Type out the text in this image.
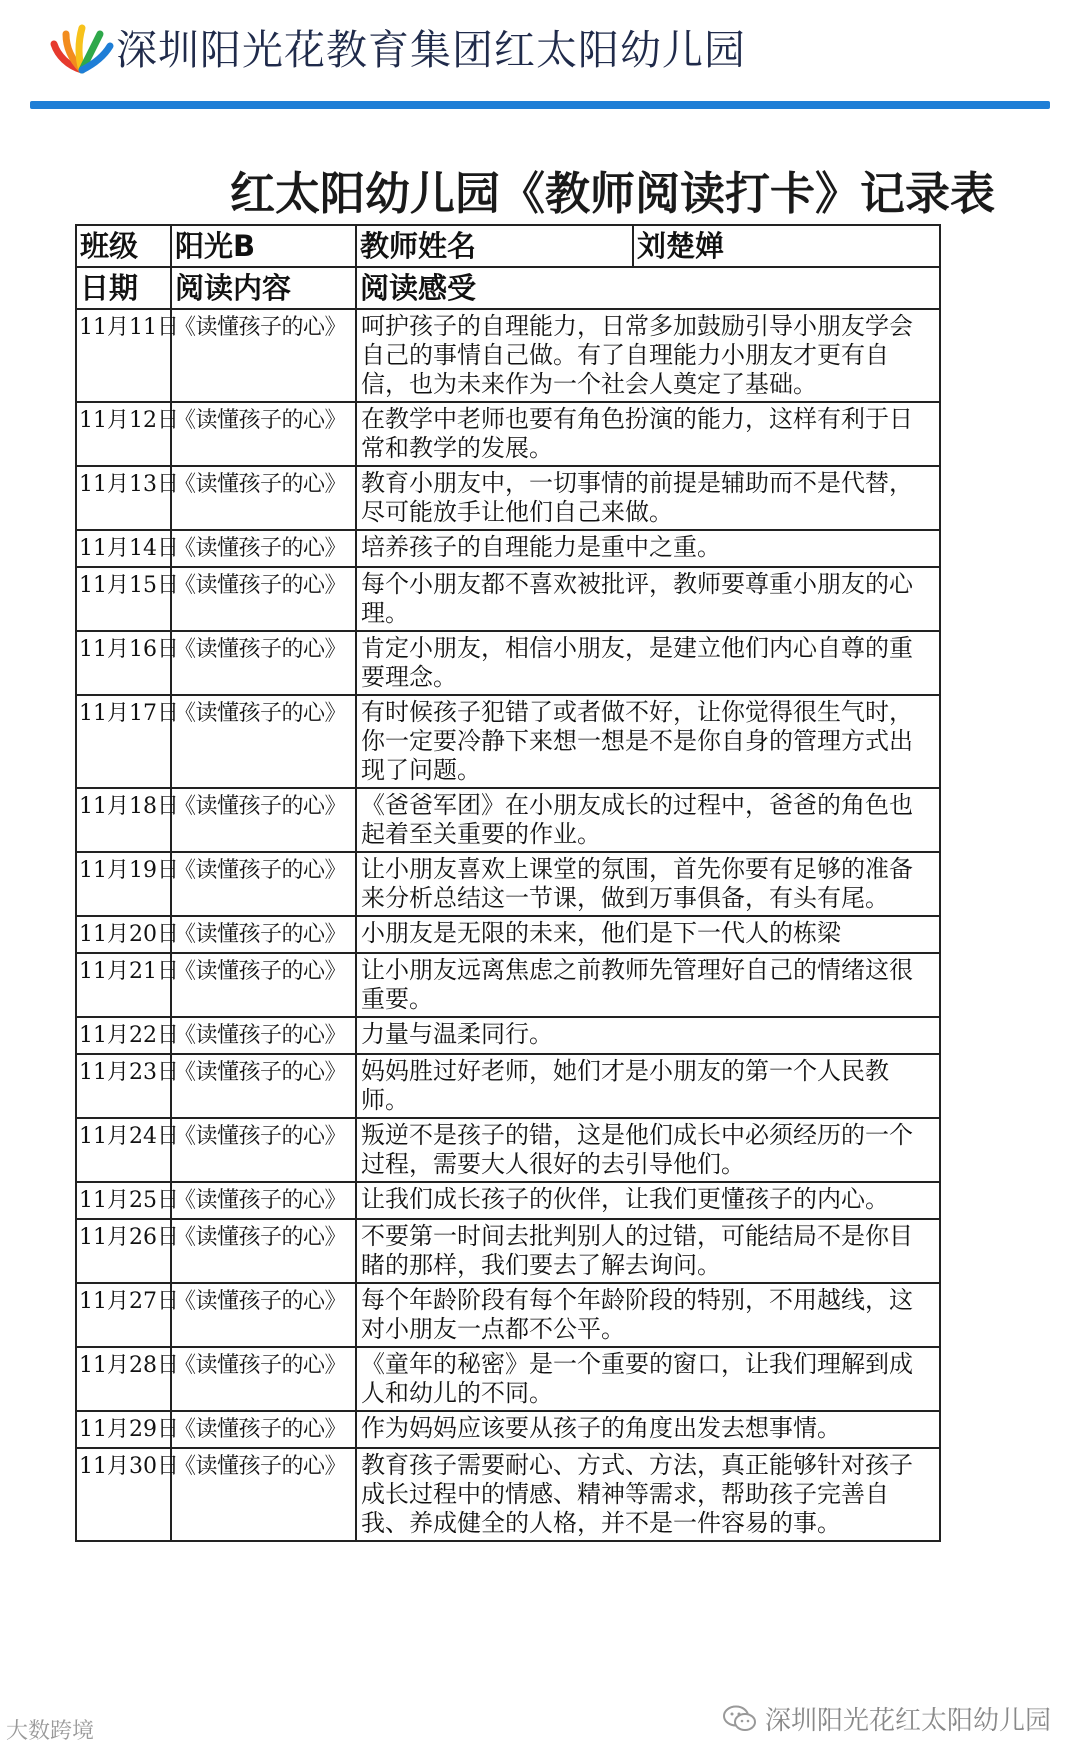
深圳阳光花教育集团红太阳幼儿园
红太阳幼儿园《教师阅读打卡》记录表
班级	阳光B	教师姓名	刘楚婵
日期	阅读内容	阅读感受	
11月11日	《读懂孩子的心》	呵护孩子的自理能力，日常多加鼓励引导小朋友学会自己的事情自己做。有了自理能力小朋友才更有自信，也为未来作为一个社会人奠定了基础。	
11月12日	《读懂孩子的心》	在教学中老师也要有角色扮演的能力，这样有利于日常和教学的发展。	
11月13日	《读懂孩子的心》	教育小朋友中，一切事情的前提是辅助而不是代替，尽可能放手让他们自己来做。	
11月14日	《读懂孩子的心》	培养孩子的自理能力是重中之重。	
11月15日	《读懂孩子的心》	每个小朋友都不喜欢被批评，教师要尊重小朋友的心理。	
11月16日	《读懂孩子的心》	肯定小朋友，相信小朋友，是建立他们内心自尊的重要理念。	
11月17日	《读懂孩子的心》	有时候孩子犯错了或者做不好，让你觉得很生气时，你一定要冷静下来想一想是不是你自身的管理方式出现了问题。	
11月18日	《读懂孩子的心》	《爸爸军团》在小朋友成长的过程中，爸爸的角色也起着至关重要的作业。	
11月19日	《读懂孩子的心》	让小朋友喜欢上课堂的氛围，首先你要有足够的准备来分析总结这一节课，做到万事俱备，有头有尾。	
11月20日	《读懂孩子的心》	小朋友是无限的未来，他们是下一代人的栋梁	
11月21日	《读懂孩子的心》	让小朋友远离焦虑之前教师先管理好自己的情绪这很重要。	
11月22日	《读懂孩子的心》	力量与温柔同行。	
11月23日	《读懂孩子的心》	妈妈胜过好老师，她们才是小朋友的第一个人民教师。	
11月24日	《读懂孩子的心》	叛逆不是孩子的错，这是他们成长中必须经历的一个过程，需要大人很好的去引导他们。	
11月25日	《读懂孩子的心》	让我们成长孩子的伙伴，让我们更懂孩子的内心。	
11月26日	《读懂孩子的心》	不要第一时间去批判别人的过错，可能结局不是你目睹的那样，我们要去了解去询问。	
11月27日	《读懂孩子的心》	每个年龄阶段有每个年龄阶段的特别，不用越线，这对小朋友一点都不公平。	
11月28日	《读懂孩子的心》	《童年的秘密》是一个重要的窗口，让我们理解到成人和幼儿的不同。	
11月29日	《读懂孩子的心》	作为妈妈应该要从孩子的角度出发去想事情。	
11月30日	《读懂孩子的心》	教育孩子需要耐心、方式、方法，真正能够针对孩子成长过程中的情感、精神等需求，帮助孩子完善自我、养成健全的人格，并不是一件容易的事。	
大数跨境	深圳阳光花红太阳幼儿园
